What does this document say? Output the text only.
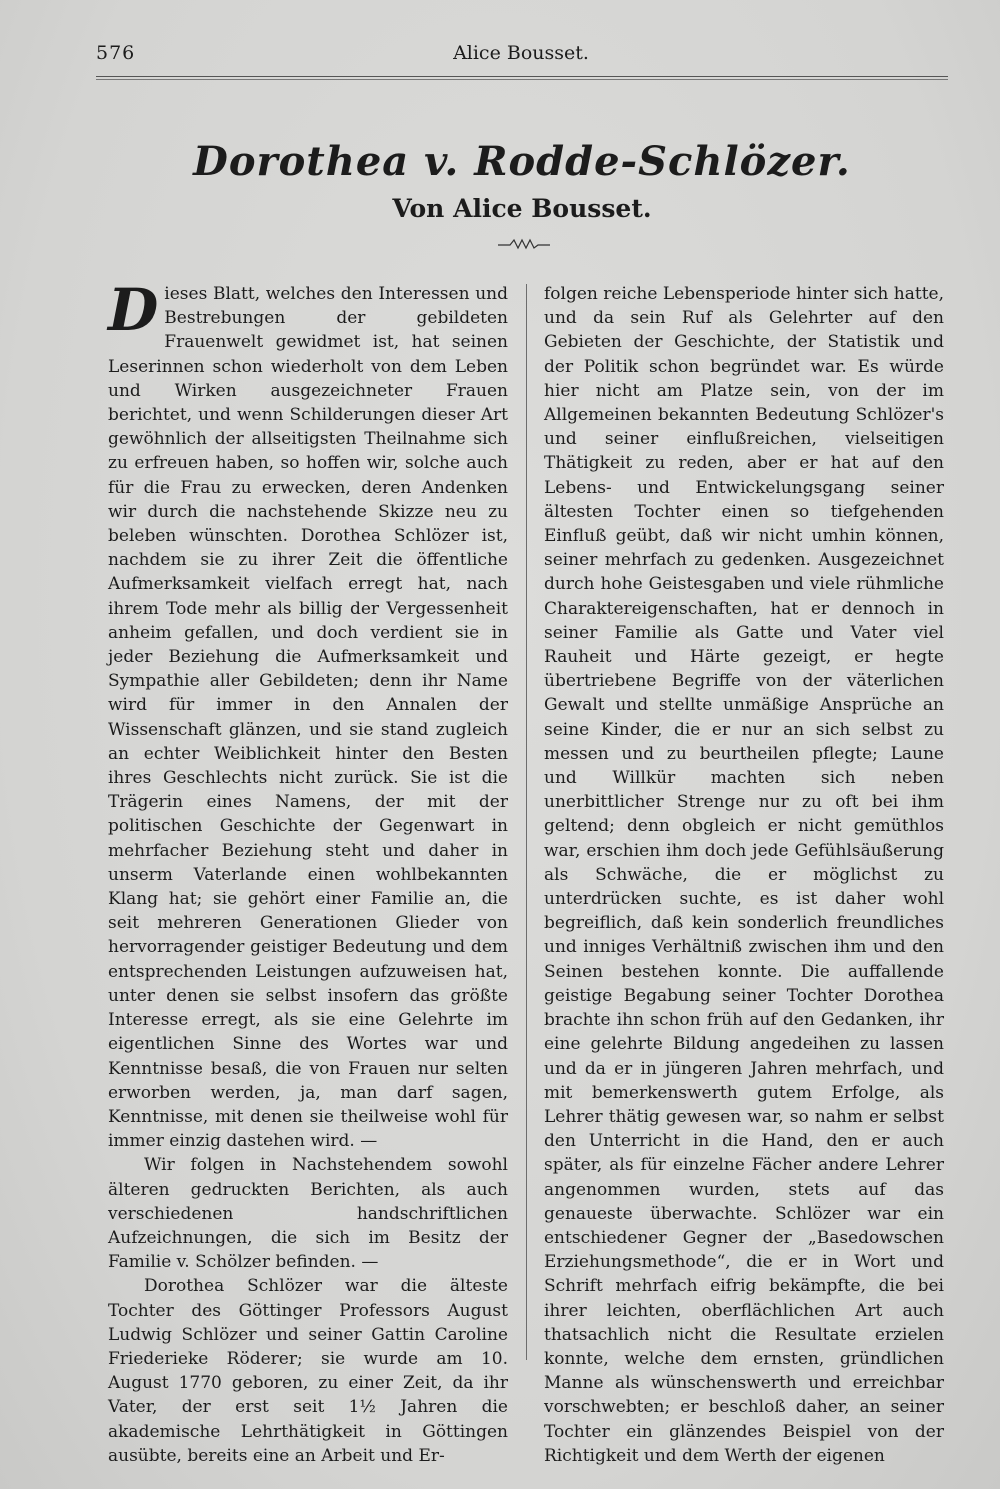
576	Alice Bousset.
Dorothea v. Rodde-Schlözer.
Von Alice Bousset.

Dieses Blatt, welches den Interessen und Bestrebungen der gebildeten Frauenwelt gewidmet ist, hat seinen Leserinnen schon wiederholt von dem Leben und Wirken ausgezeichneter Frauen berichtet, und wenn Schilderungen dieser Art gewöhnlich der allseitigsten Theilnahme sich zu erfreuen haben, so hoffen wir, solche auch für die Frau zu erwecken, deren Andenken wir durch die nachstehende Skizze neu zu beleben wünschten. Dorothea Schlözer ist, nachdem sie zu ihrer Zeit die öffentliche Aufmerksamkeit vielfach erregt hat, nach ihrem Tode mehr als billig der Vergessenheit anheim gefallen, und doch verdient sie in jeder Beziehung die Aufmerksamkeit und Sympathie aller Gebildeten; denn ihr Name wird für immer in den Annalen der Wissenschaft glänzen, und sie stand zugleich an echter Weiblichkeit hinter den Besten ihres Geschlechts nicht zurück. Sie ist die Trägerin eines Namens, der mit der politischen Geschichte der Gegenwart in mehrfacher Beziehung steht und daher in unserm Vaterlande einen wohlbekannten Klang hat; sie gehört einer Familie an, die seit mehreren Generationen Glieder von hervorragender geistiger Bedeutung und dem entsprechenden Leistungen aufzuweisen hat, unter denen sie selbst insofern das größte Interesse erregt, als sie eine Gelehrte im eigentlichen Sinne des Wortes war und Kenntnisse besaß, die von Frauen nur selten erworben werden, ja, man darf sagen, Kenntnisse, mit denen sie theilweise wohl für immer einzig dastehen wird. —

Wir folgen in Nachstehendem sowohl älteren gedruckten Berichten, als auch verschiedenen handschriftlichen Aufzeichnungen, die sich im Besitz der Familie v. Schölzer befinden. —

Dorothea Schlözer war die älteste Tochter des Göttinger Professors August Ludwig Schlözer und seiner Gattin Caroline Friederieke Röderer; sie wurde am 10. August 1770 geboren, zu einer Zeit, da ihr Vater, der erst seit 1½ Jahren die akademische Lehrthätigkeit in Göttingen ausübte, bereits eine an Arbeit und Er-

folgen reiche Lebensperiode hinter sich hatte, und da sein Ruf als Gelehrter auf den Gebieten der Geschichte, der Statistik und der Politik schon begründet war. Es würde hier nicht am Platze sein, von der im Allgemeinen bekannten Bedeutung Schlözer's und seiner einflußreichen, vielseitigen Thätigkeit zu reden, aber er hat auf den Lebens- und Entwickelungsgang seiner ältesten Tochter einen so tiefgehenden Einfluß geübt, daß wir nicht umhin können, seiner mehrfach zu gedenken. Ausgezeichnet durch hohe Geistesgaben und viele rühmliche Charaktereigenschaften, hat er dennoch in seiner Familie als Gatte und Vater viel Rauheit und Härte gezeigt, er hegte übertriebene Begriffe von der väterlichen Gewalt und stellte unmäßige Ansprüche an seine Kinder, die er nur an sich selbst zu messen und zu beurtheilen pflegte; Laune und Willkür machten sich neben unerbittlicher Strenge nur zu oft bei ihm geltend; denn obgleich er nicht gemüthlos war, erschien ihm doch jede Gefühlsäußerung als Schwäche, die er möglichst zu unterdrücken suchte, es ist daher wohl begreiflich, daß kein sonderlich freundliches und inniges Verhältniß zwischen ihm und den Seinen bestehen konnte. Die auffallende geistige Begabung seiner Tochter Dorothea brachte ihn schon früh auf den Gedanken, ihr eine gelehrte Bildung angedeihen zu lassen und da er in jüngeren Jahren mehrfach, und mit bemerkenswerth gutem Erfolge, als Lehrer thätig gewesen war, so nahm er selbst den Unterricht in die Hand, den er auch später, als für einzelne Fächer andere Lehrer angenommen wurden, stets auf das genaueste überwachte. Schlözer war ein entschiedener Gegner der „Basedowschen Erziehungsmethode“, die er in Wort und Schrift mehrfach eifrig bekämpfte, die bei ihrer leichten, oberflächlichen Art auch thatsachlich nicht die Resultate erzielen konnte, welche dem ernsten, gründlichen Manne als wünschenswerth und erreichbar vorschwebten; er beschloß daher, an seiner Tochter ein glänzendes Beispiel von der Richtigkeit und dem Werth der eigenen
